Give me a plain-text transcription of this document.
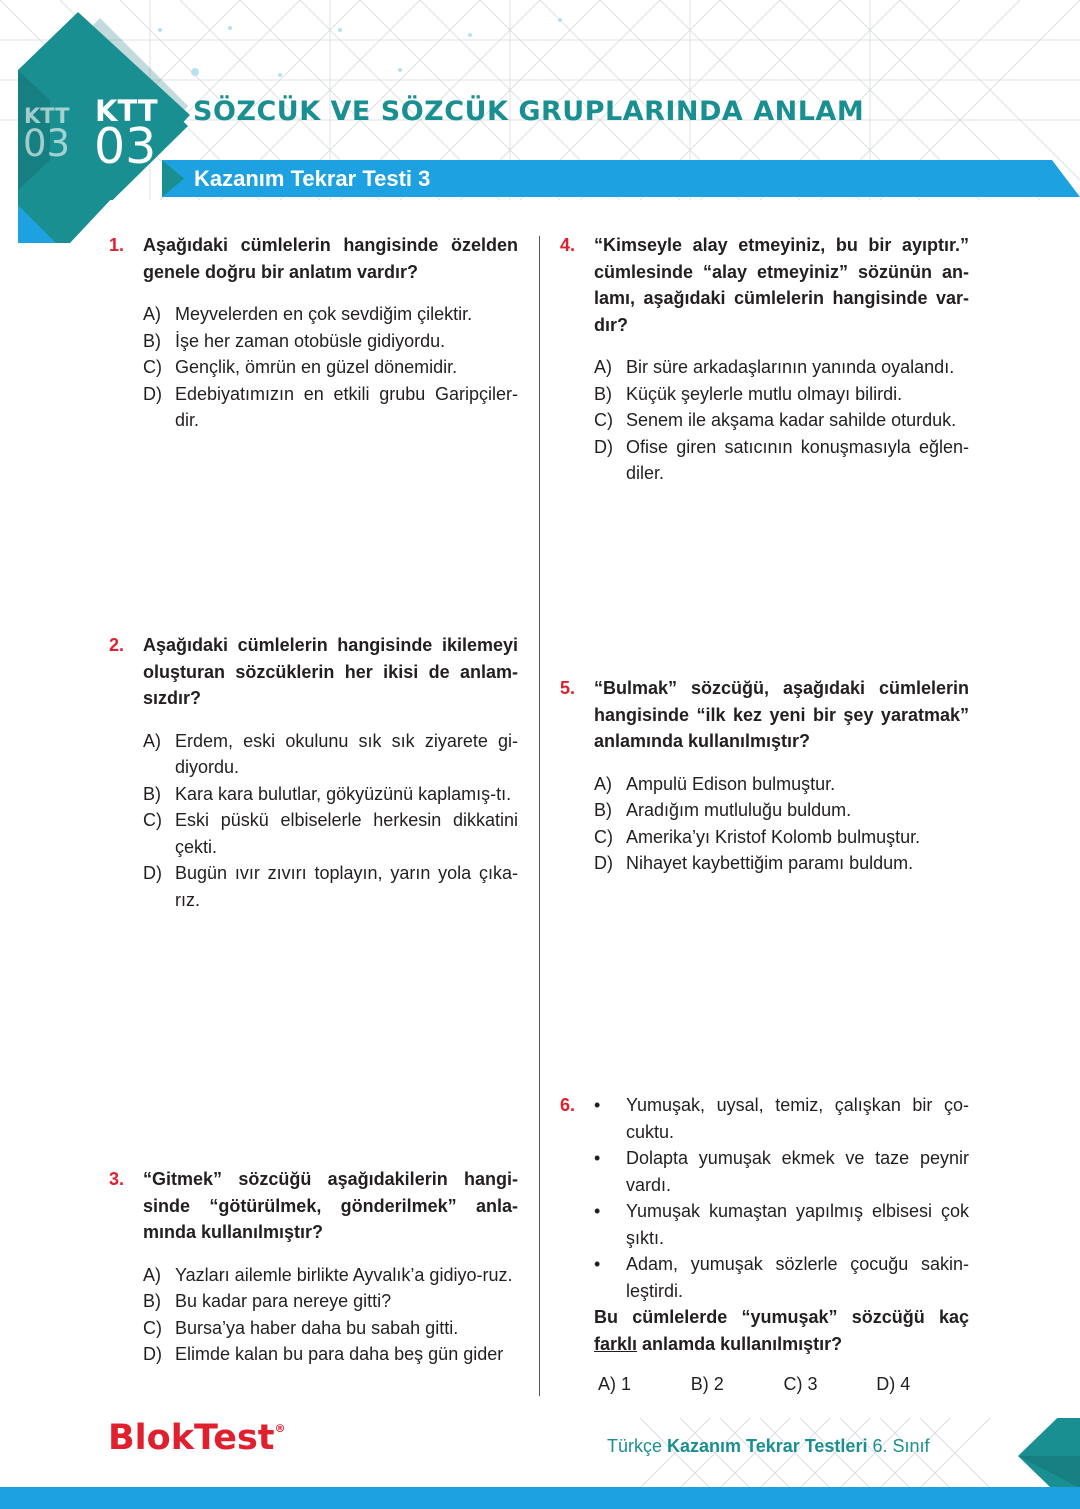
KTT
03
KTT
03
SÖZCÜK VE SÖZCÜK GRUPLARINDA ANLAM
Kazanım Tekrar Testi 3
1. Aşağıdaki cümlelerin hangisinde özelden genele doğru bir anlatım vardır?
A) Meyvelerden en çok sevdiğim çilektir.
B) İşe her zaman otobüsle gidiyordu.
C) Gençlik, ömrün en güzel dönemidir.
D) Edebiyatımızın en etkili grubu Garipçiler-dir.
2. Aşağıdaki cümlelerin hangisinde ikilemeyi oluşturan sözcüklerin her ikisi de anlam-sızdır?
A) Erdem, eski okulunu sık sık ziyarete gi-diyordu.
B) Kara kara bulutlar, gökyüzünü kaplamış-tı.
C) Eski püskü elbiselerle herkesin dikkatini çekti.
D) Bugün ıvır zıvırı toplayın, yarın yola çıka-rız.
3. “Gitmek” sözcüğü aşağıdakilerin hangi-sinde “götürülmek, gönderilmek” anla-mında kullanılmıştır?
A) Yazları ailemle birlikte Ayvalık’a gidiyo-ruz.
B) Bu kadar para nereye gitti?
C) Bursa’ya haber daha bu sabah gitti.
D) Elimde kalan bu para daha beş gün gider
4. “Kimseyle alay etmeyiniz, bu bir ayıptır.” cümlesinde “alay etmeyiniz” sözünün an-lamı, aşağıdaki cümlelerin hangisinde var-dır?
A) Bir süre arkadaşlarının yanında oyalandı.
B) Küçük şeylerle mutlu olmayı bilirdi.
C) Senem ile akşama kadar sahilde oturduk.
D) Ofise giren satıcının konuşmasıyla eğlen-diler.
5. “Bulmak” sözcüğü, aşağıdaki cümlelerin hangisinde “ilk kez yeni bir şey yaratmak” anlamında kullanılmıştır?
A) Ampulü Edison bulmuştur.
B) Aradığım mutluluğu buldum.
C) Amerika’yı Kristof Kolomb bulmuştur.
D) Nihayet kaybettiğim paramı buldum.
6. •	Yumuşak, uysal, temiz, çalışkan bir ço-cuktu.
•	Dolapta yumuşak ekmek ve taze peynir vardı.
•	Yumuşak kumaştan yapılmış elbisesi çok şıktı.
•	Adam, yumuşak sözlerle çocuğu sakin-leştirdi.
Bu cümlelerde “yumuşak” sözcüğü kaç farklı anlamda kullanılmıştır?
A) 1	B) 2	C) 3	D) 4
BlokTest®
Türkçe Kazanım Tekrar Testleri 6. Sınıf	9
